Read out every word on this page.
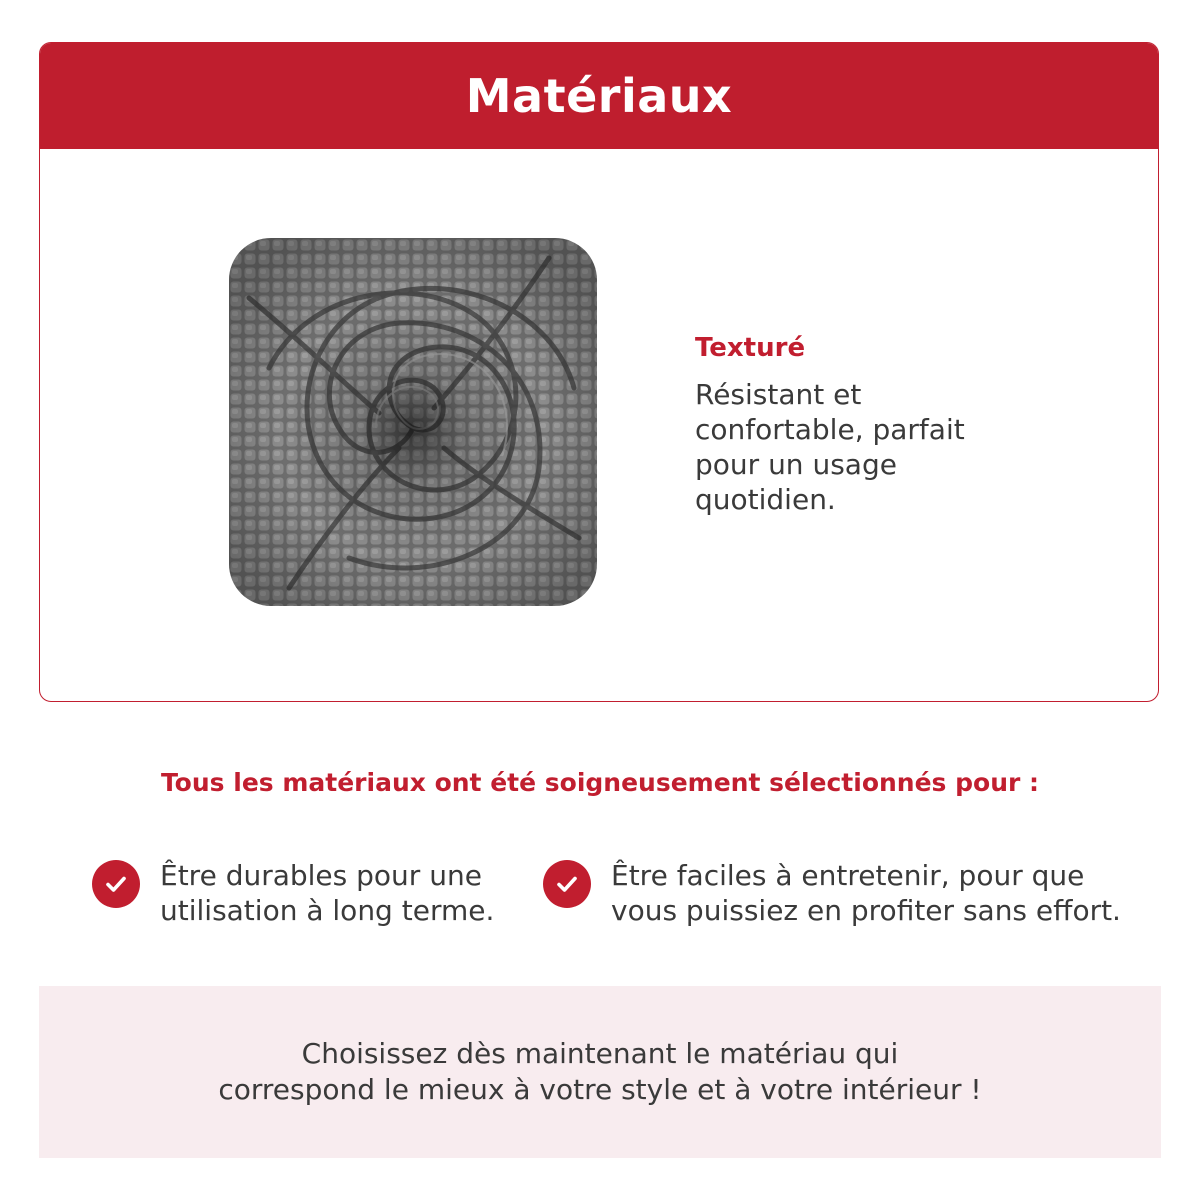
Matériaux
Texturé
Résistant et confortable, parfait pour un usage quotidien.
Tous les matériaux ont été soigneusement sélectionnés pour :
Être durables pour une
utilisation à long terme.
Être faciles à entretenir, pour que
vous puissiez en profiter sans effort.
Choisissez dès maintenant le matériau qui
correspond le mieux à votre style et à votre intérieur !
